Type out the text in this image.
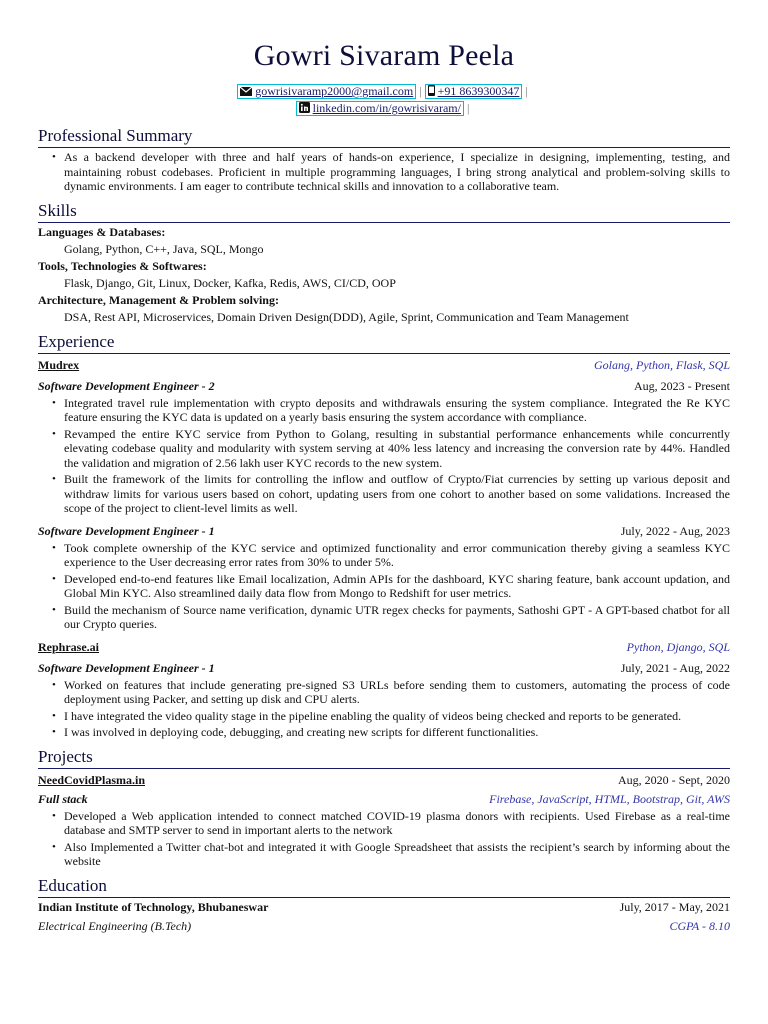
Gowri Sivaram Peela
gowrisivaramp2000@gmail.com | +91 8639300347 |
linkedin.com/in/gowrisivaram/ |
Professional Summary
• As a backend developer with three and half years of hands-on experience, I specialize in designing, implementing, testing, and maintaining robust codebases. Proficient in multiple programming languages, I bring strong analytical and problem-solving skills to dynamic environments. I am eager to contribute technical skills and innovation to a collaborative team.
Skills
Languages & Databases:
Golang, Python, C++, Java, SQL, Mongo
Tools, Technologies & Softwares:
Flask, Django, Git, Linux, Docker, Kafka, Redis, AWS, CI/CD, OOP
Architecture, Management & Problem solving:
DSA, Rest API, Microservices, Domain Driven Design(DDD), Agile, Sprint, Communication and Team Management
Experience
Mudrex	Golang, Python, Flask, SQL
Software Development Engineer - 2	Aug, 2023 - Present
• Integrated travel rule implementation with crypto deposits and withdrawals ensuring the system compliance. Integrated the Re KYC feature ensuring the KYC data is updated on a yearly basis ensuring the system accordance with compliance.
• Revamped the entire KYC service from Python to Golang, resulting in substantial performance enhancements while concurrently elevating codebase quality and modularity with system serving at 40% less latency and increasing the conversion rate by 44%. Handled the validation and migration of 2.56 lakh user KYC records to the new system.
• Built the framework of the limits for controlling the inflow and outflow of Crypto/Fiat currencies by setting up various deposit and withdraw limits for various users based on cohort, updating users from one cohort to another based on some validations. Increased the scope of the project to client-level limits as well.
Software Development Engineer - 1	July, 2022 - Aug, 2023
• Took complete ownership of the KYC service and optimized functionality and error communication thereby giving a seamless KYC experience to the User decreasing error rates from 30% to under 5%.
• Developed end-to-end features like Email localization, Admin APIs for the dashboard, KYC sharing feature, bank account updation, and Global Min KYC. Also streamlined daily data flow from Mongo to Redshift for user metrics.
• Build the mechanism of Source name verification, dynamic UTR regex checks for payments, Sathoshi GPT - A GPT-based chatbot for all our Crypto queries.
Rephrase.ai	Python, Django, SQL
Software Development Engineer - 1	July, 2021 - Aug, 2022
• Worked on features that include generating pre-signed S3 URLs before sending them to customers, automating the process of code deployment using Packer, and setting up disk and CPU alerts.
• I have integrated the video quality stage in the pipeline enabling the quality of videos being checked and reports to be generated.
• I was involved in deploying code, debugging, and creating new scripts for different functionalities.
Projects
NeedCovidPlasma.in	Aug, 2020 - Sept, 2020
Full stack	Firebase, JavaScript, HTML, Bootstrap, Git, AWS
• Developed a Web application intended to connect matched COVID-19 plasma donors with recipients. Used Firebase as a real-time database and SMTP server to send in important alerts to the network
• Also Implemented a Twitter chat-bot and integrated it with Google Spreadsheet that assists the recipient’s search by informing about the website
Education
Indian Institute of Technology, Bhubaneswar	July, 2017 - May, 2021
Electrical Engineering (B.Tech)	CGPA - 8.10
